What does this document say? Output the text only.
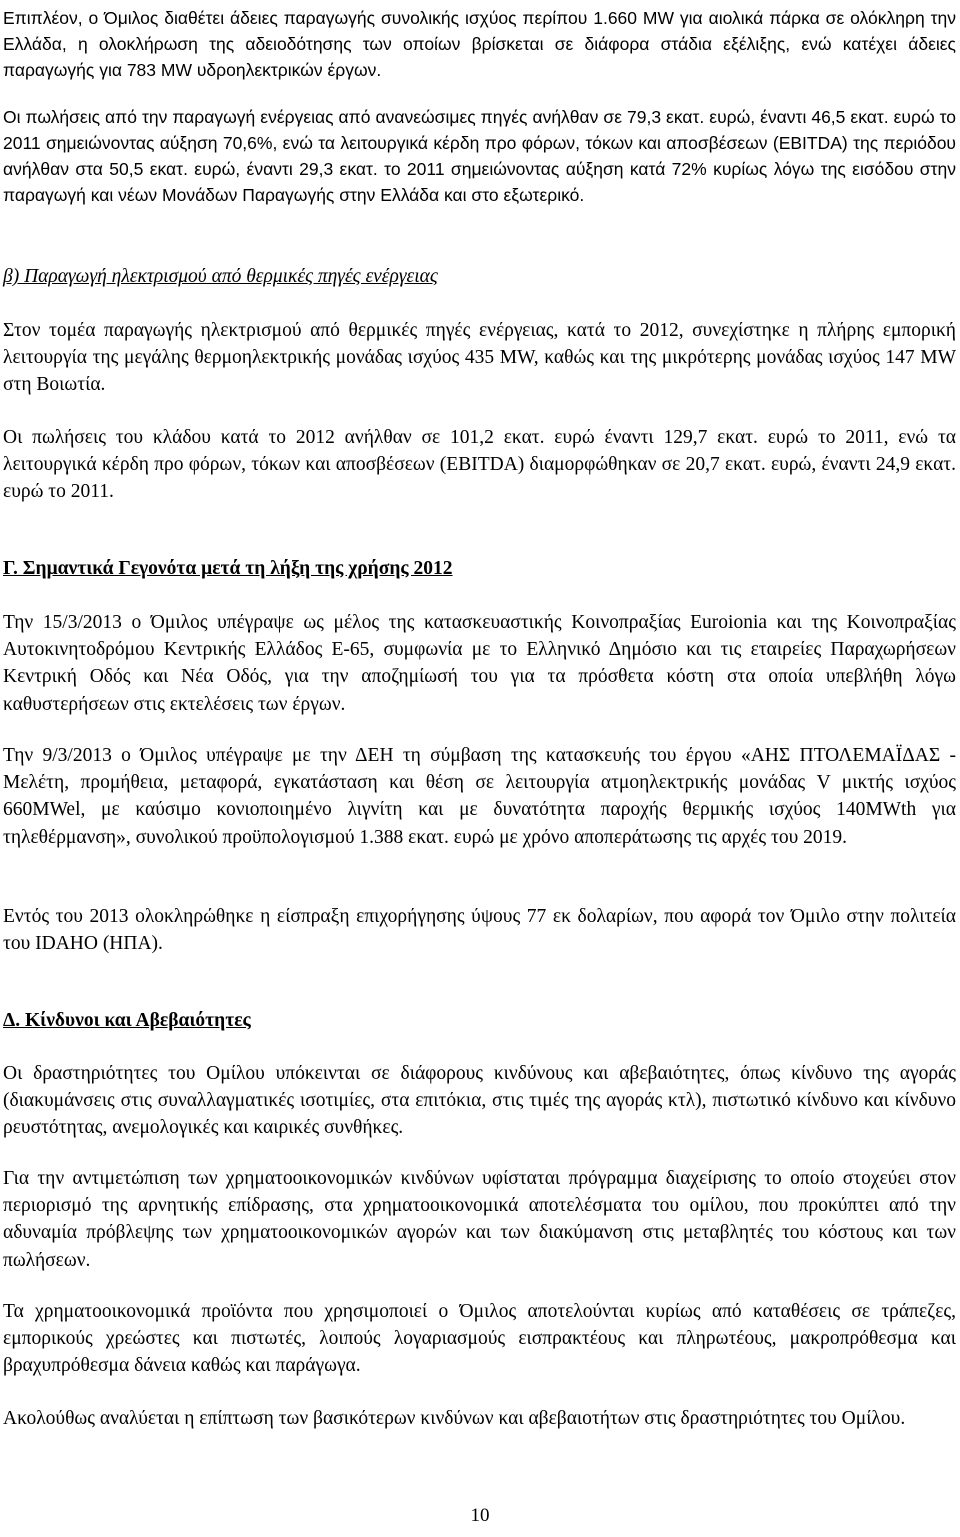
Επιπλέον, ο Όμιλος διαθέτει άδειες παραγωγής συνολικής ισχύος περίπου 1.660 MW για αιολικά πάρκα σε ολόκληρη την Ελλάδα, η ολοκλήρωση της αδειοδότησης των οποίων βρίσκεται σε διάφορα στάδια εξέλιξης, ενώ κατέχει άδειες παραγωγής για 783 MW υδροηλεκτρικών έργων.

Οι πωλήσεις από την παραγωγή ενέργειας από ανανεώσιμες πηγές ανήλθαν σε 79,3 εκατ. ευρώ, έναντι 46,5 εκατ. ευρώ το 2011 σημειώνοντας αύξηση 70,6%, ενώ τα λειτουργικά κέρδη προ φόρων, τόκων και αποσβέσεων (EBITDA) της περιόδου ανήλθαν στα 50,5 εκατ. ευρώ, έναντι 29,3 εκατ. το 2011 σημειώνοντας αύξηση κατά 72% κυρίως λόγω της εισόδου στην παραγωγή και νέων Μονάδων Παραγωγής στην Ελλάδα και στο εξωτερικό.

β) Παραγωγή ηλεκτρισμού από θερμικές πηγές ενέργειας

Στον τομέα παραγωγής ηλεκτρισμού από θερμικές πηγές ενέργειας, κατά το 2012, συνεχίστηκε η πλήρης εμπορική λειτουργία της μεγάλης θερμοηλεκτρικής μονάδας ισχύος 435 MW, καθώς και της μικρότερης μονάδας ισχύος 147 MW στη Βοιωτία.

Οι πωλήσεις του κλάδου κατά το 2012 ανήλθαν σε 101,2 εκατ. ευρώ έναντι 129,7 εκατ. ευρώ το 2011, ενώ τα λειτουργικά κέρδη προ φόρων, τόκων και αποσβέσεων (EBITDA) διαμορφώθηκαν σε 20,7 εκατ. ευρώ, έναντι 24,9 εκατ. ευρώ το 2011.

Γ. Σημαντικά Γεγονότα μετά τη λήξη της χρήσης 2012

Την 15/3/2013 ο Όμιλος υπέγραψε ως μέλος της κατασκευαστικής Κοινοπραξίας Euroionia και της Κοινοπραξίας Αυτοκινητοδρόμου Κεντρικής Ελλάδος Ε-65, συμφωνία με το Ελληνικό Δημόσιο και τις εταιρείες Παραχωρήσεων Κεντρική Οδός και Νέα Οδός, για την αποζημίωσή του για τα πρόσθετα κόστη στα οποία υπεβλήθη λόγω καθυστερήσεων στις εκτελέσεις των έργων.

Την 9/3/2013 ο Όμιλος υπέγραψε με την ΔΕΗ τη σύμβαση της κατασκευής του έργου «ΑΗΣ ΠΤΟΛΕΜΑΪΔΑΣ - Μελέτη, προμήθεια, μεταφορά, εγκατάσταση και θέση σε λειτουργία ατμοηλεκτρικής μονάδας V μικτής ισχύος 660MWel, με καύσιμο κονιοποιημένο λιγνίτη και με δυνατότητα παροχής θερμικής ισχύος 140MWth για τηλεθέρμανση», συνολικού προϋπολογισμού 1.388 εκατ. ευρώ με χρόνο αποπεράτωσης τις αρχές του 2019.

Εντός του 2013 ολοκληρώθηκε η είσπραξη επιχορήγησης ύψους 77 εκ δολαρίων, που αφορά τον Όμιλο στην πολιτεία του IDAHO (ΗΠΑ).

Δ. Κίνδυνοι και Αβεβαιότητες

Οι δραστηριότητες του Ομίλου υπόκεινται σε διάφορους κινδύνους και αβεβαιότητες, όπως κίνδυνο της αγοράς (διακυμάνσεις στις συναλλαγματικές ισοτιμίες, στα επιτόκια, στις τιμές της αγοράς κτλ), πιστωτικό κίνδυνο και κίνδυνο ρευστότητας, ανεμολογικές και καιρικές συνθήκες.

Για την αντιμετώπιση των χρηματοοικονομικών κινδύνων υφίσταται πρόγραμμα διαχείρισης το οποίο στοχεύει στον περιορισμό της αρνητικής επίδρασης, στα χρηματοοικονομικά αποτελέσματα του ομίλου, που προκύπτει από την αδυναμία πρόβλεψης των χρηματοοικονομικών αγορών και των διακύμανση στις μεταβλητές του κόστους και των πωλήσεων.

Τα χρηματοοικονομικά προϊόντα που χρησιμοποιεί ο Όμιλος αποτελούνται κυρίως από καταθέσεις σε τράπεζες, εμπορικούς χρεώστες και πιστωτές, λοιπούς λογαριασμούς εισπρακτέους και πληρωτέους, μακροπρόθεσμα και βραχυπρόθεσμα δάνεια καθώς και παράγωγα.

Ακολούθως αναλύεται η επίπτωση των βασικότερων κινδύνων και αβεβαιοτήτων στις δραστηριότητες του Ομίλου.

10
